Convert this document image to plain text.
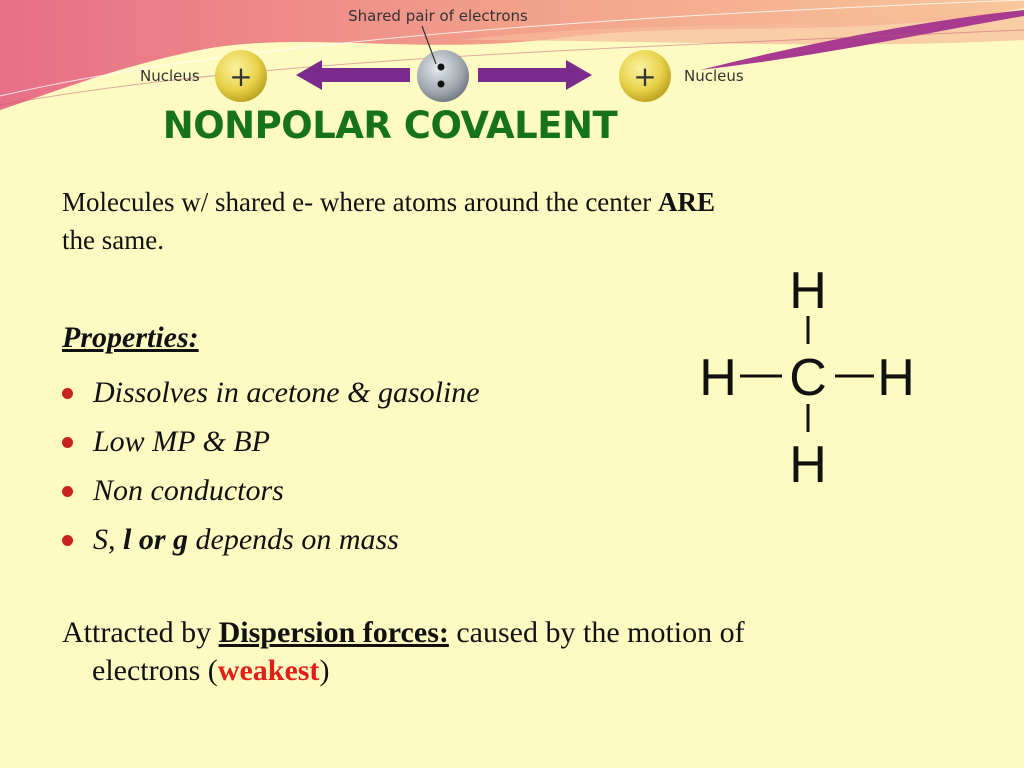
+	+
Shared pair of electrons
Nucleus	Nucleus
NONPOLAR COVALENT
Molecules w/ shared e- where atoms around the center ARE
the same.
Properties:
Dissolves in acetone & gasoline
Low MP & BP
Non conductors
S, l or g depends on mass
Attracted by Dispersion forces: caused by the motion of
electrons (weakest)
H
H C H
H
